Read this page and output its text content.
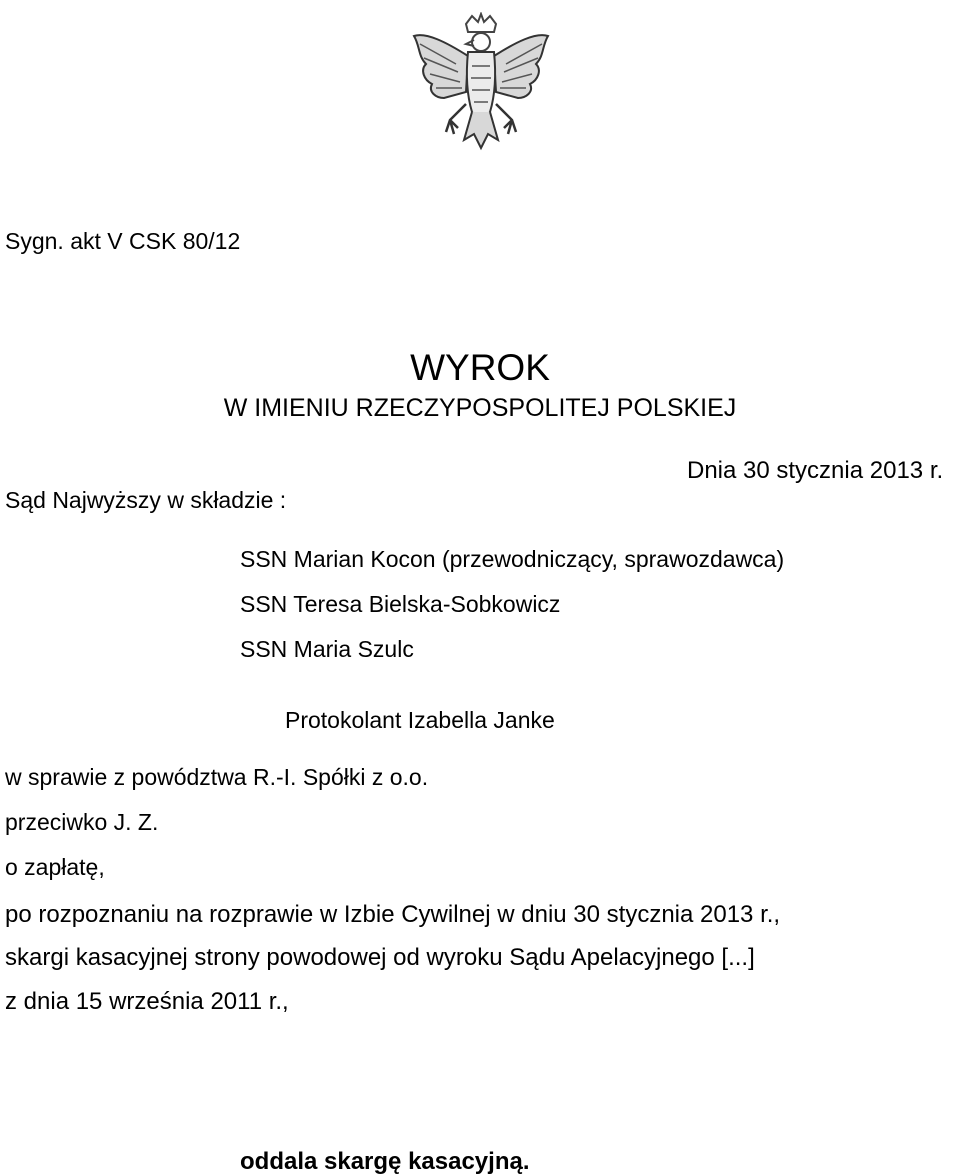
Sygn. akt V CSK 80/12
WYROK
W IMIENIU RZECZYPOSPOLITEJ POLSKIEJ
Dnia 30 stycznia 2013 r.
Sąd Najwyższy w składzie :
SSN Marian Kocon (przewodniczący, sprawozdawca)
SSN Teresa Bielska-Sobkowicz
SSN Maria Szulc
Protokolant Izabella Janke
w sprawie z powództwa R.-I. Spółki z o.o.
przeciwko J. Z.
o zapłatę,
po rozpoznaniu na rozprawie w Izbie Cywilnej w dniu 30 stycznia 2013 r.,
skargi kasacyjnej strony powodowej od wyroku Sądu Apelacyjnego [...]
z dnia 15 września 2011 r.,
oddala skargę kasacyjną.
